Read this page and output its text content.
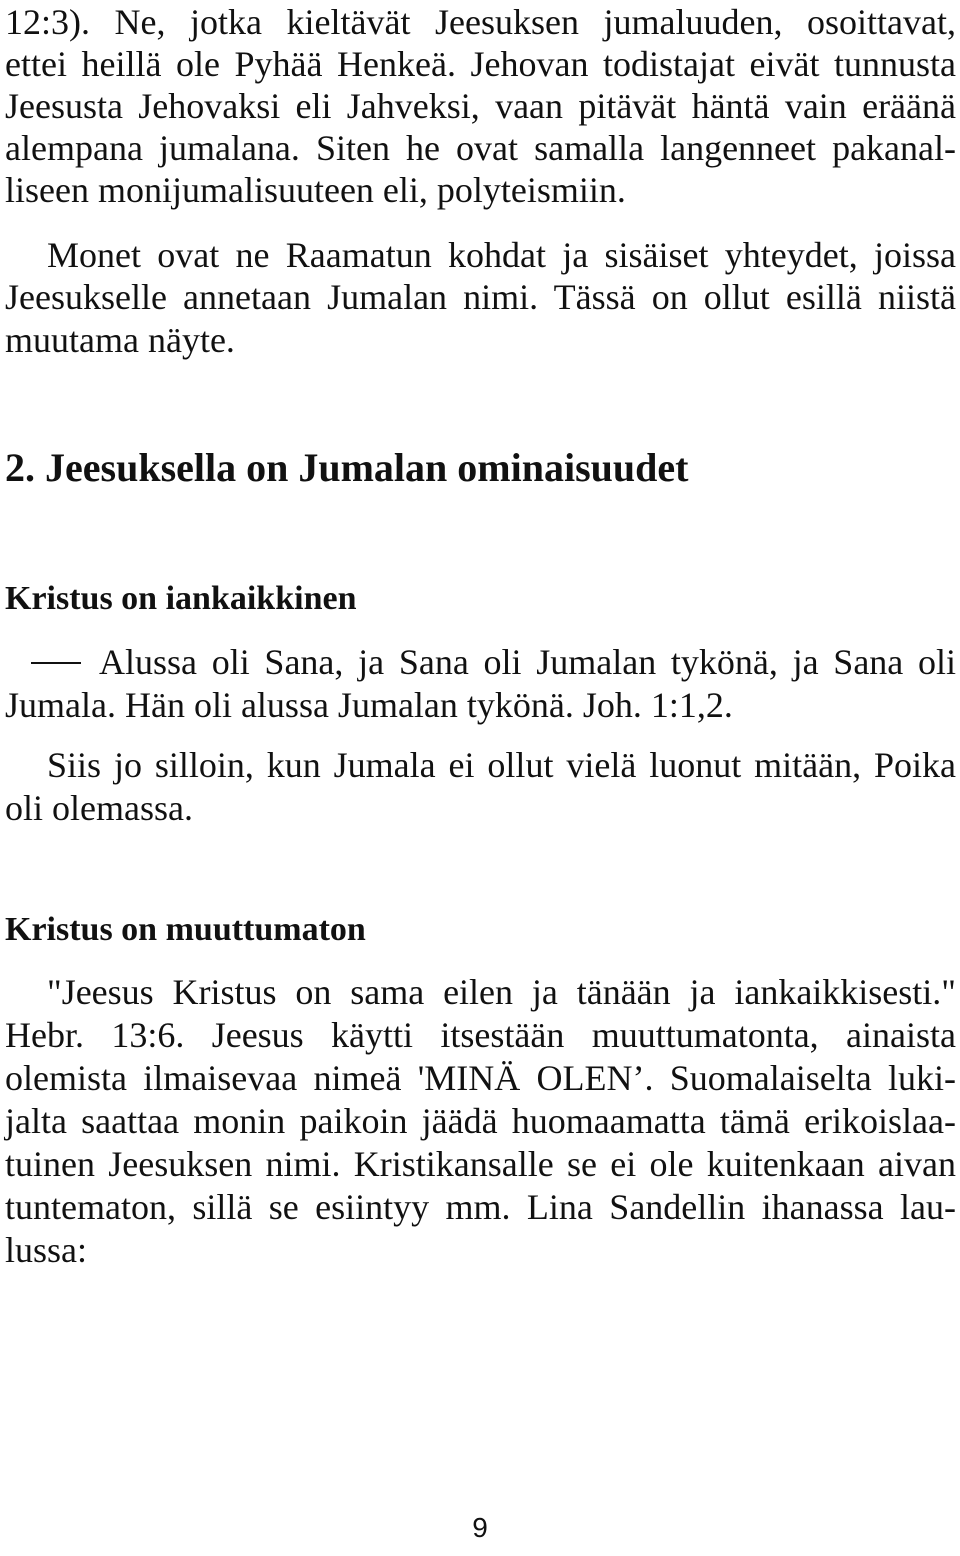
12:3). Ne, jotka kieltävät Jeesuksen jumaluuden, osoittavat,
ettei heillä ole Pyhää Henkeä. Jehovan todistajat eivät tunnusta
Jeesusta Jehovaksi eli Jahveksi, vaan pitävät häntä vain eräänä
alempana jumalana. Siten he ovat samalla langenneet pakanal-
liseen monijumalisuuteen eli, polyteismiin.
Monet ovat ne Raamatun kohdat ja sisäiset yhteydet, joissa
Jeesukselle annetaan Jumalan nimi. Tässä on ollut esillä niistä
muutama näyte.
2. Jeesuksella on Jumalan ominaisuudet
Kristus on iankaikkinen
Alussa oli Sana, ja Sana oli Jumalan tykönä, ja Sana oli
Jumala. Hän oli alussa Jumalan tykönä. Joh. 1:1,2.
Siis jo silloin, kun Jumala ei ollut vielä luonut mitään, Poika
oli olemassa.
Kristus on muuttumaton
"Jeesus Kristus on sama eilen ja tänään ja iankaikkisesti."
Hebr. 13:6. Jeesus käytti itsestään muuttumatonta, ainaista
olemista ilmaisevaa nimeä 'MINÄ OLEN’. Suomalaiselta luki-
jalta saattaa monin paikoin jäädä huomaamatta tämä erikoislaa-
tuinen Jeesuksen nimi. Kristikansalle se ei ole kuitenkaan aivan
tuntematon, sillä se esiintyy mm. Lina Sandellin ihanassa lau-
lussa:
9
